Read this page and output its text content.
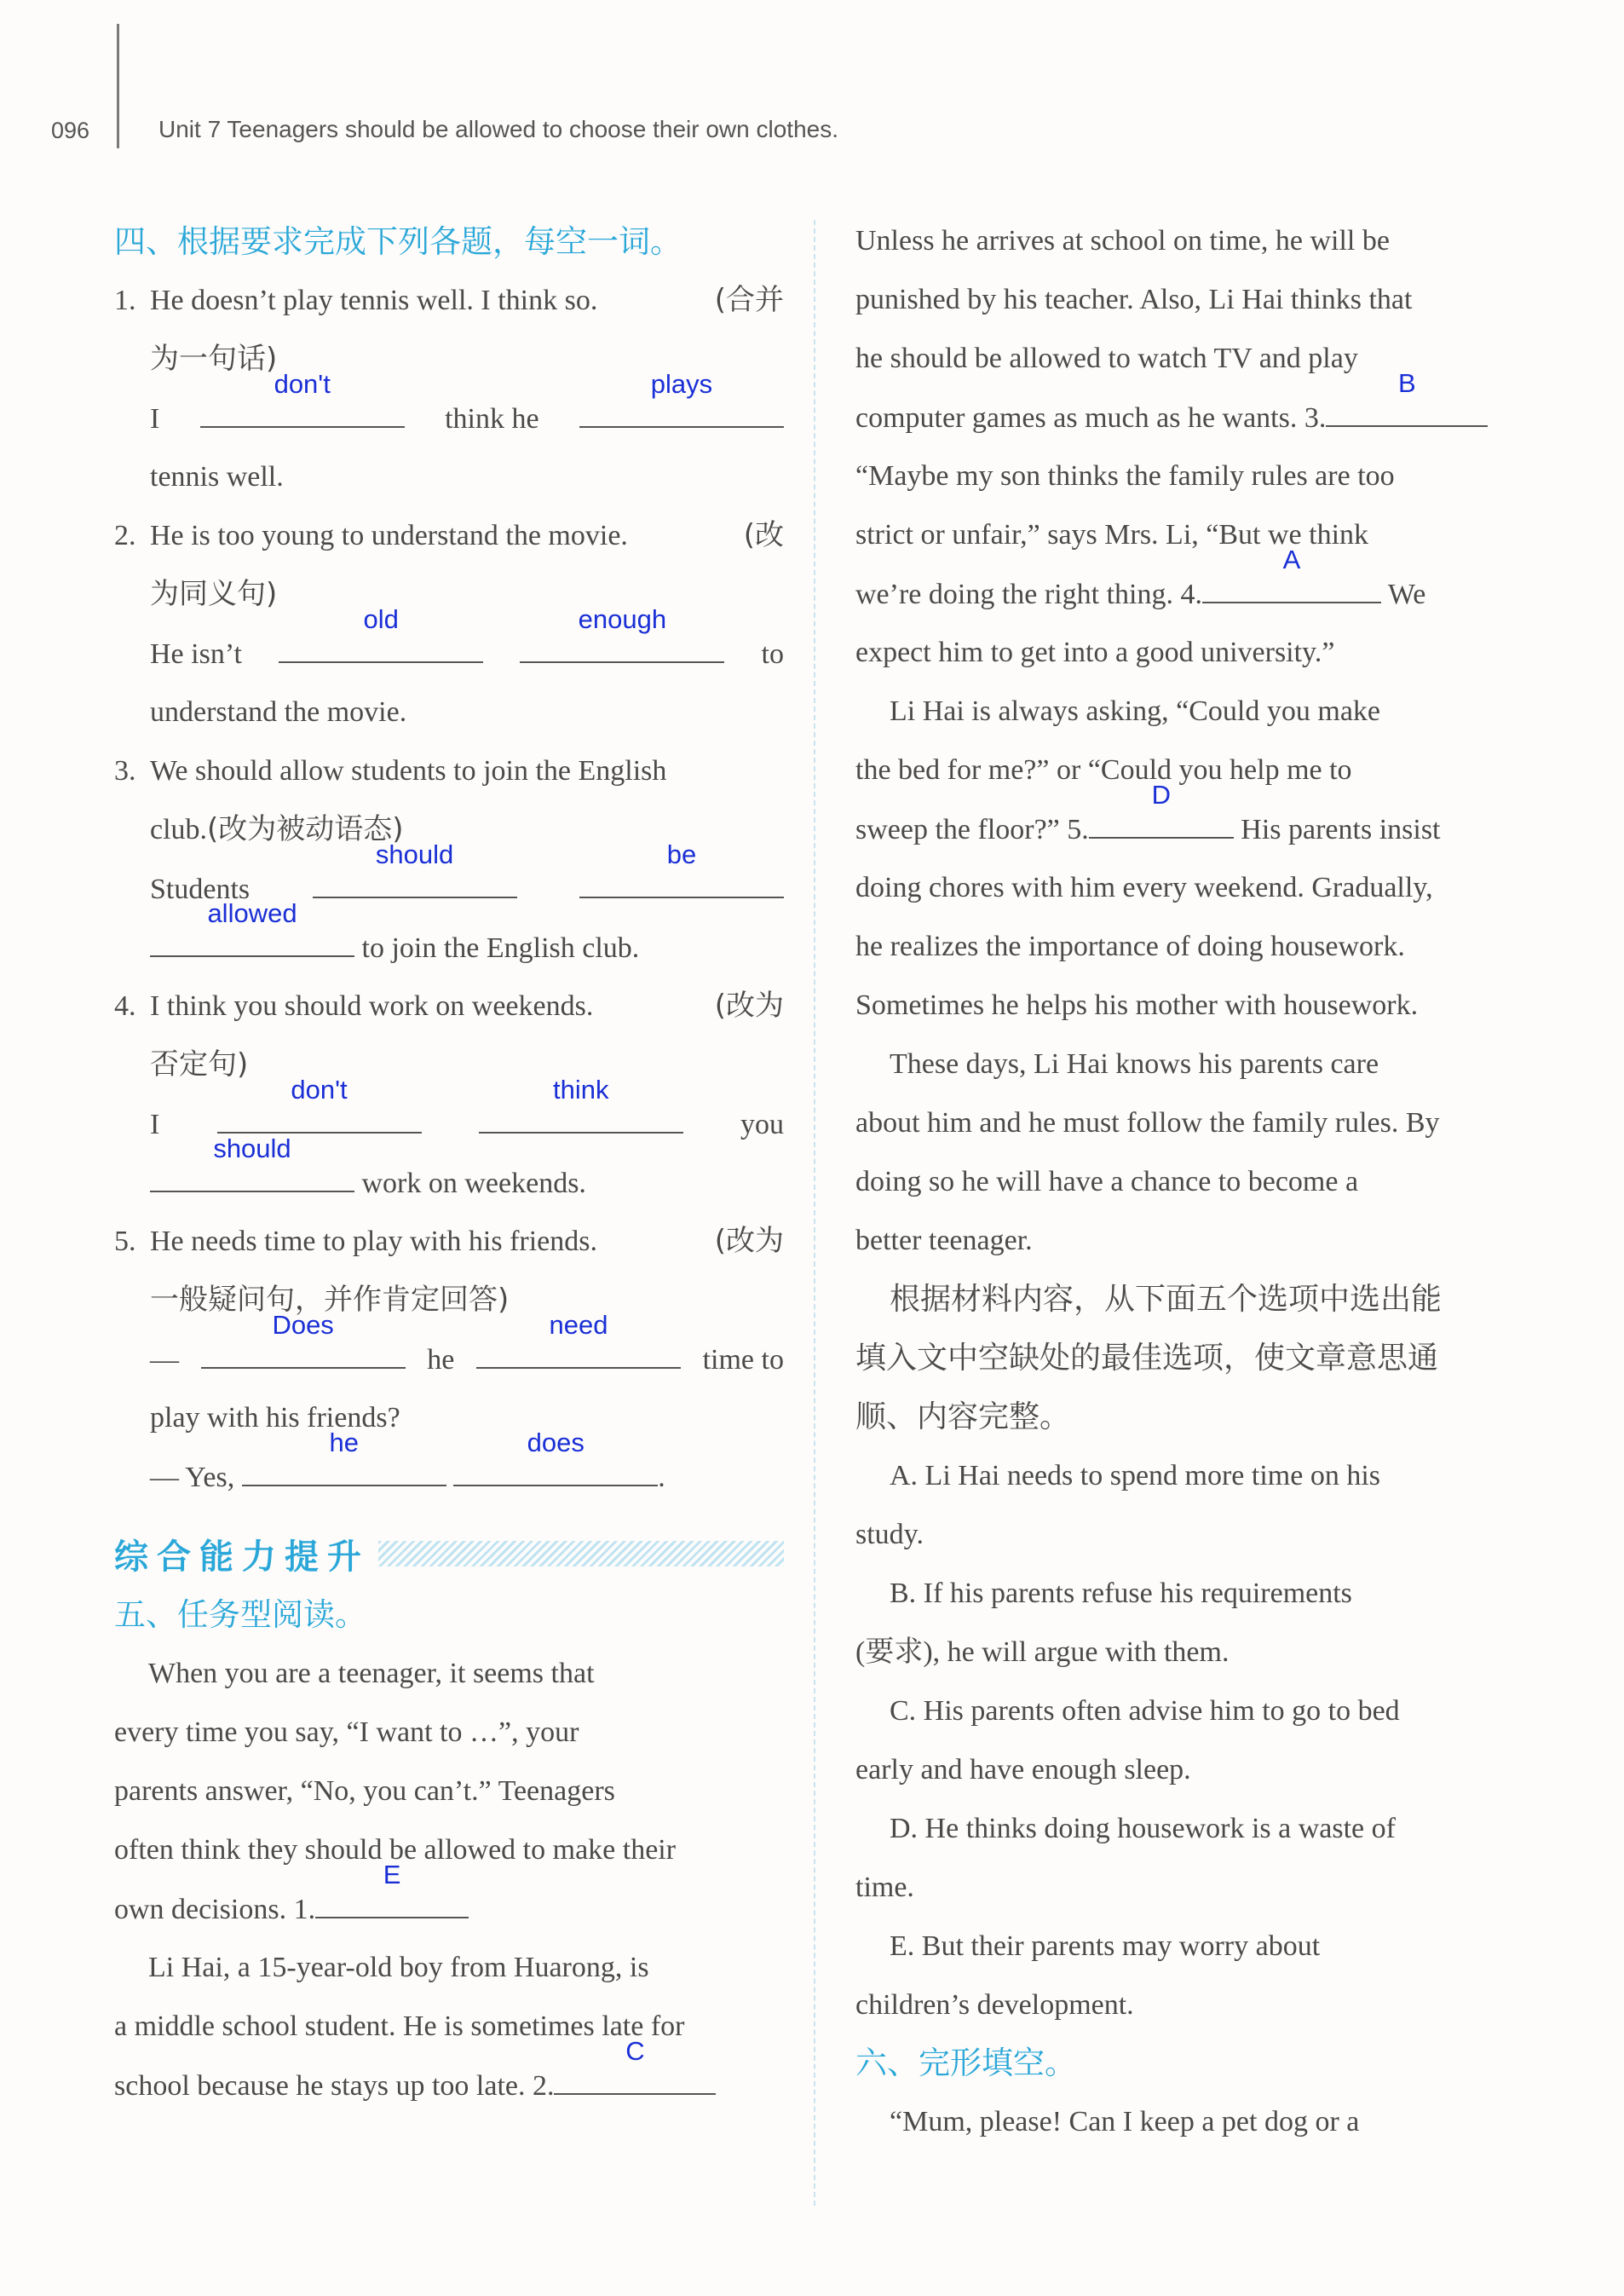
096	Unit 7 Teenagers should be allowed to choose their own clothes.
四、根据要求完成下列各题，每空一词。
1. He doesn’t play tennis well. I think so.	(合并
为一句话)
I
don't
think he
plays
tennis well.
2. He is too young to understand the movie.	(改
为同义句)
He isn’t
old	enough
to
understand the movie.
3. We should allow students to join the English
club.(改为被动语态)
Students
should	be
allowed
to join the English club.
4. I think you should work on weekends.	(改为
否定句)
I
don't	think
you
should
work on weekends.
5. He needs time to play with his friends.	(改为
一般疑问句，并作肯定回答)
—
Does
he
need
time to
play with his friends?
— Yes,
he
	does
.
综合能力提升
五、任务型阅读。
When you are a teenager, it seems that
every time you say, “I want to …”, your
parents answer, “No, you can’t.” Teenagers
often think they should be allowed to make their
own decisions. 1.
E
Li Hai, a 15-year-old boy from Huarong, is
a middle school student. He is sometimes late for
school because he stays up too late. 2.
C
Unless he arrives at school on time, he will be
punished by his teacher. Also, Li Hai thinks that
he should be allowed to watch TV and play
computer games as much as he wants. 3.
B
“Maybe my son thinks the family rules are too
strict or unfair,” says Mrs. Li, “But we think
we’re doing the right thing. 4.
A
We
expect him to get into a good university.”
Li Hai is always asking, “Could you make
the bed for me?” or “Could you help me to
sweep the floor?” 5.
D
His parents insist
doing chores with him every weekend. Gradually,
he realizes the importance of doing housework.
Sometimes he helps his mother with housework.
These days, Li Hai knows his parents care
about him and he must follow the family rules. By
doing so he will have a chance to become a
better teenager.
根据材料内容，从下面五个选项中选出能
填入文中空缺处的最佳选项，使文章意思通
顺、内容完整。
A. Li Hai needs to spend more time on his
study.
B. If his parents refuse his requirements
(要求), he will argue with them.
C. His parents often advise him to go to bed
early and have enough sleep.
D. He thinks doing housework is a waste of
time.
E. But their parents may worry about
children’s development.
六、完形填空。
“Mum, please! Can I keep a pet dog or a
